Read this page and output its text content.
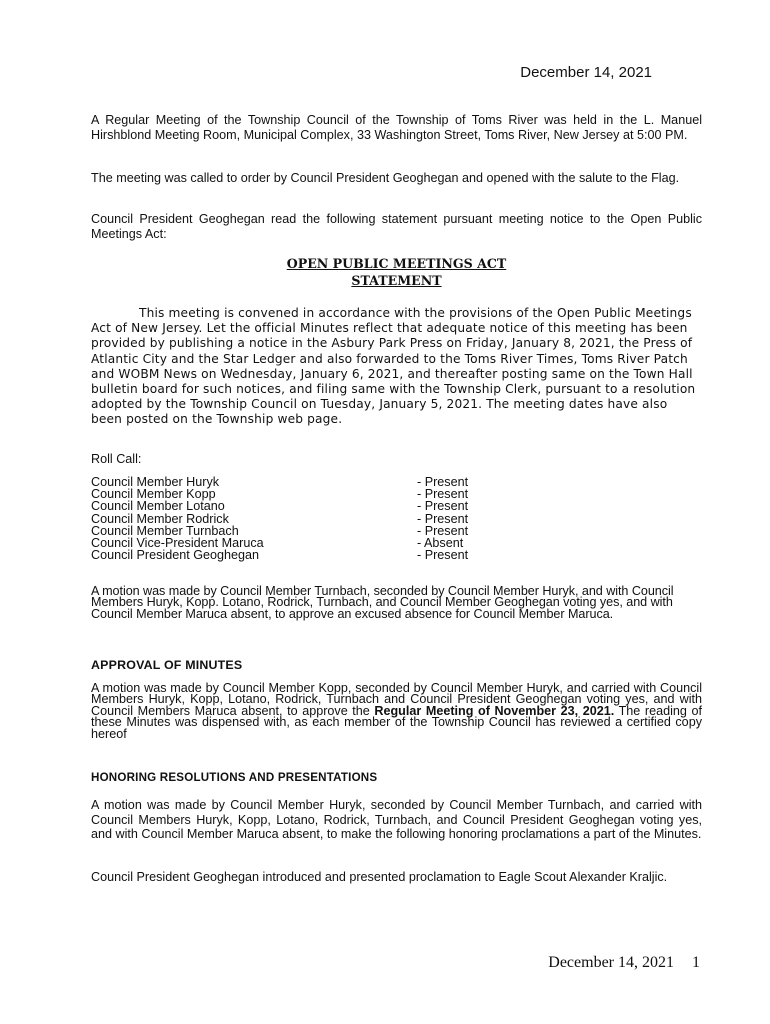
December 14, 2021

A Regular Meeting of the Township Council of the Township of Toms River was held in the L. Manuel Hirshblond Meeting Room, Municipal Complex, 33 Washington Street, Toms River, New Jersey at 5:00 PM.

The meeting was called to order by Council President Geoghegan and opened with the salute to the Flag.

Council President Geoghegan read the following statement pursuant meeting notice to the Open Public Meetings Act:

OPEN PUBLIC MEETINGS ACT
STATEMENT

This meeting is convened in accordance with the provisions of the Open Public Meetings Act of New Jersey. Let the official Minutes reflect that adequate notice of this meeting has been provided by publishing a notice in the Asbury Park Press on Friday, January 8, 2021, the Press of Atlantic City and the Star Ledger and also forwarded to the Toms River Times, Toms River Patch and WOBM News on Wednesday, January 6, 2021, and thereafter posting same on the Town Hall bulletin board for such notices, and filing same with the Township Clerk, pursuant to a resolution adopted by the Township Council on Tuesday, January 5, 2021. The meeting dates have also been posted on the Township web page.

Roll Call:
Council Member Huryk	- Present
Council Member Kopp	- Present
Council Member Lotano	- Present
Council Member Rodrick	- Present
Council Member Turnbach	- Present
Council Vice-President Maruca	- Absent
Council President Geoghegan	- Present

A motion was made by Council Member Turnbach, seconded by Council Member Huryk, and with Council Members Huryk, Kopp. Lotano, Rodrick, Turnbach, and Council Member Geoghegan voting yes, and with Council Member Maruca absent, to approve an excused absence for Council Member Maruca.

APPROVAL OF MINUTES

A motion was made by Council Member Kopp, seconded by Council Member Huryk, and carried with Council Members Huryk, Kopp, Lotano, Rodrick, Turnbach and Council President Geoghegan voting yes, and with Council Members Maruca absent, to approve the Regular Meeting of November 23, 2021. The reading of these Minutes was dispensed with, as each member of the Township Council has reviewed a certified copy hereof

HONORING RESOLUTIONS AND PRESENTATIONS

A motion was made by Council Member Huryk, seconded by Council Member Turnbach, and carried with Council Members Huryk, Kopp, Lotano, Rodrick, Turnbach, and Council President Geoghegan voting yes, and with Council Member Maruca absent, to make the following honoring proclamations a part of the Minutes.

Council President Geoghegan introduced and presented proclamation to Eagle Scout Alexander Kraljic.

December 14, 2021 1
